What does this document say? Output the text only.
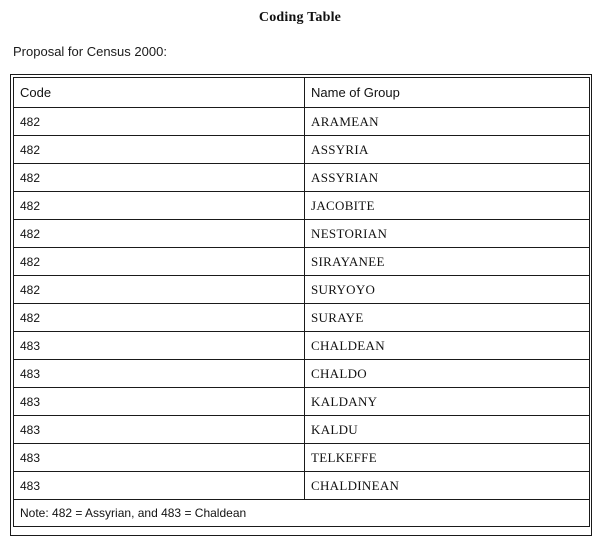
Coding Table
Proposal for Census 2000:
Code	Name of Group
482	ARAMEAN
482	ASSYRIA
482	ASSYRIAN
482	JACOBITE
482	NESTORIAN
482	SIRAYANEE
482	SURYOYO
482	SURAYE
483	CHALDEAN
483	CHALDO
483	KALDANY
483	KALDU
483	TELKEFFE
483	CHALDINEAN
Note: 482 = Assyrian, and 483 = Chaldean	
